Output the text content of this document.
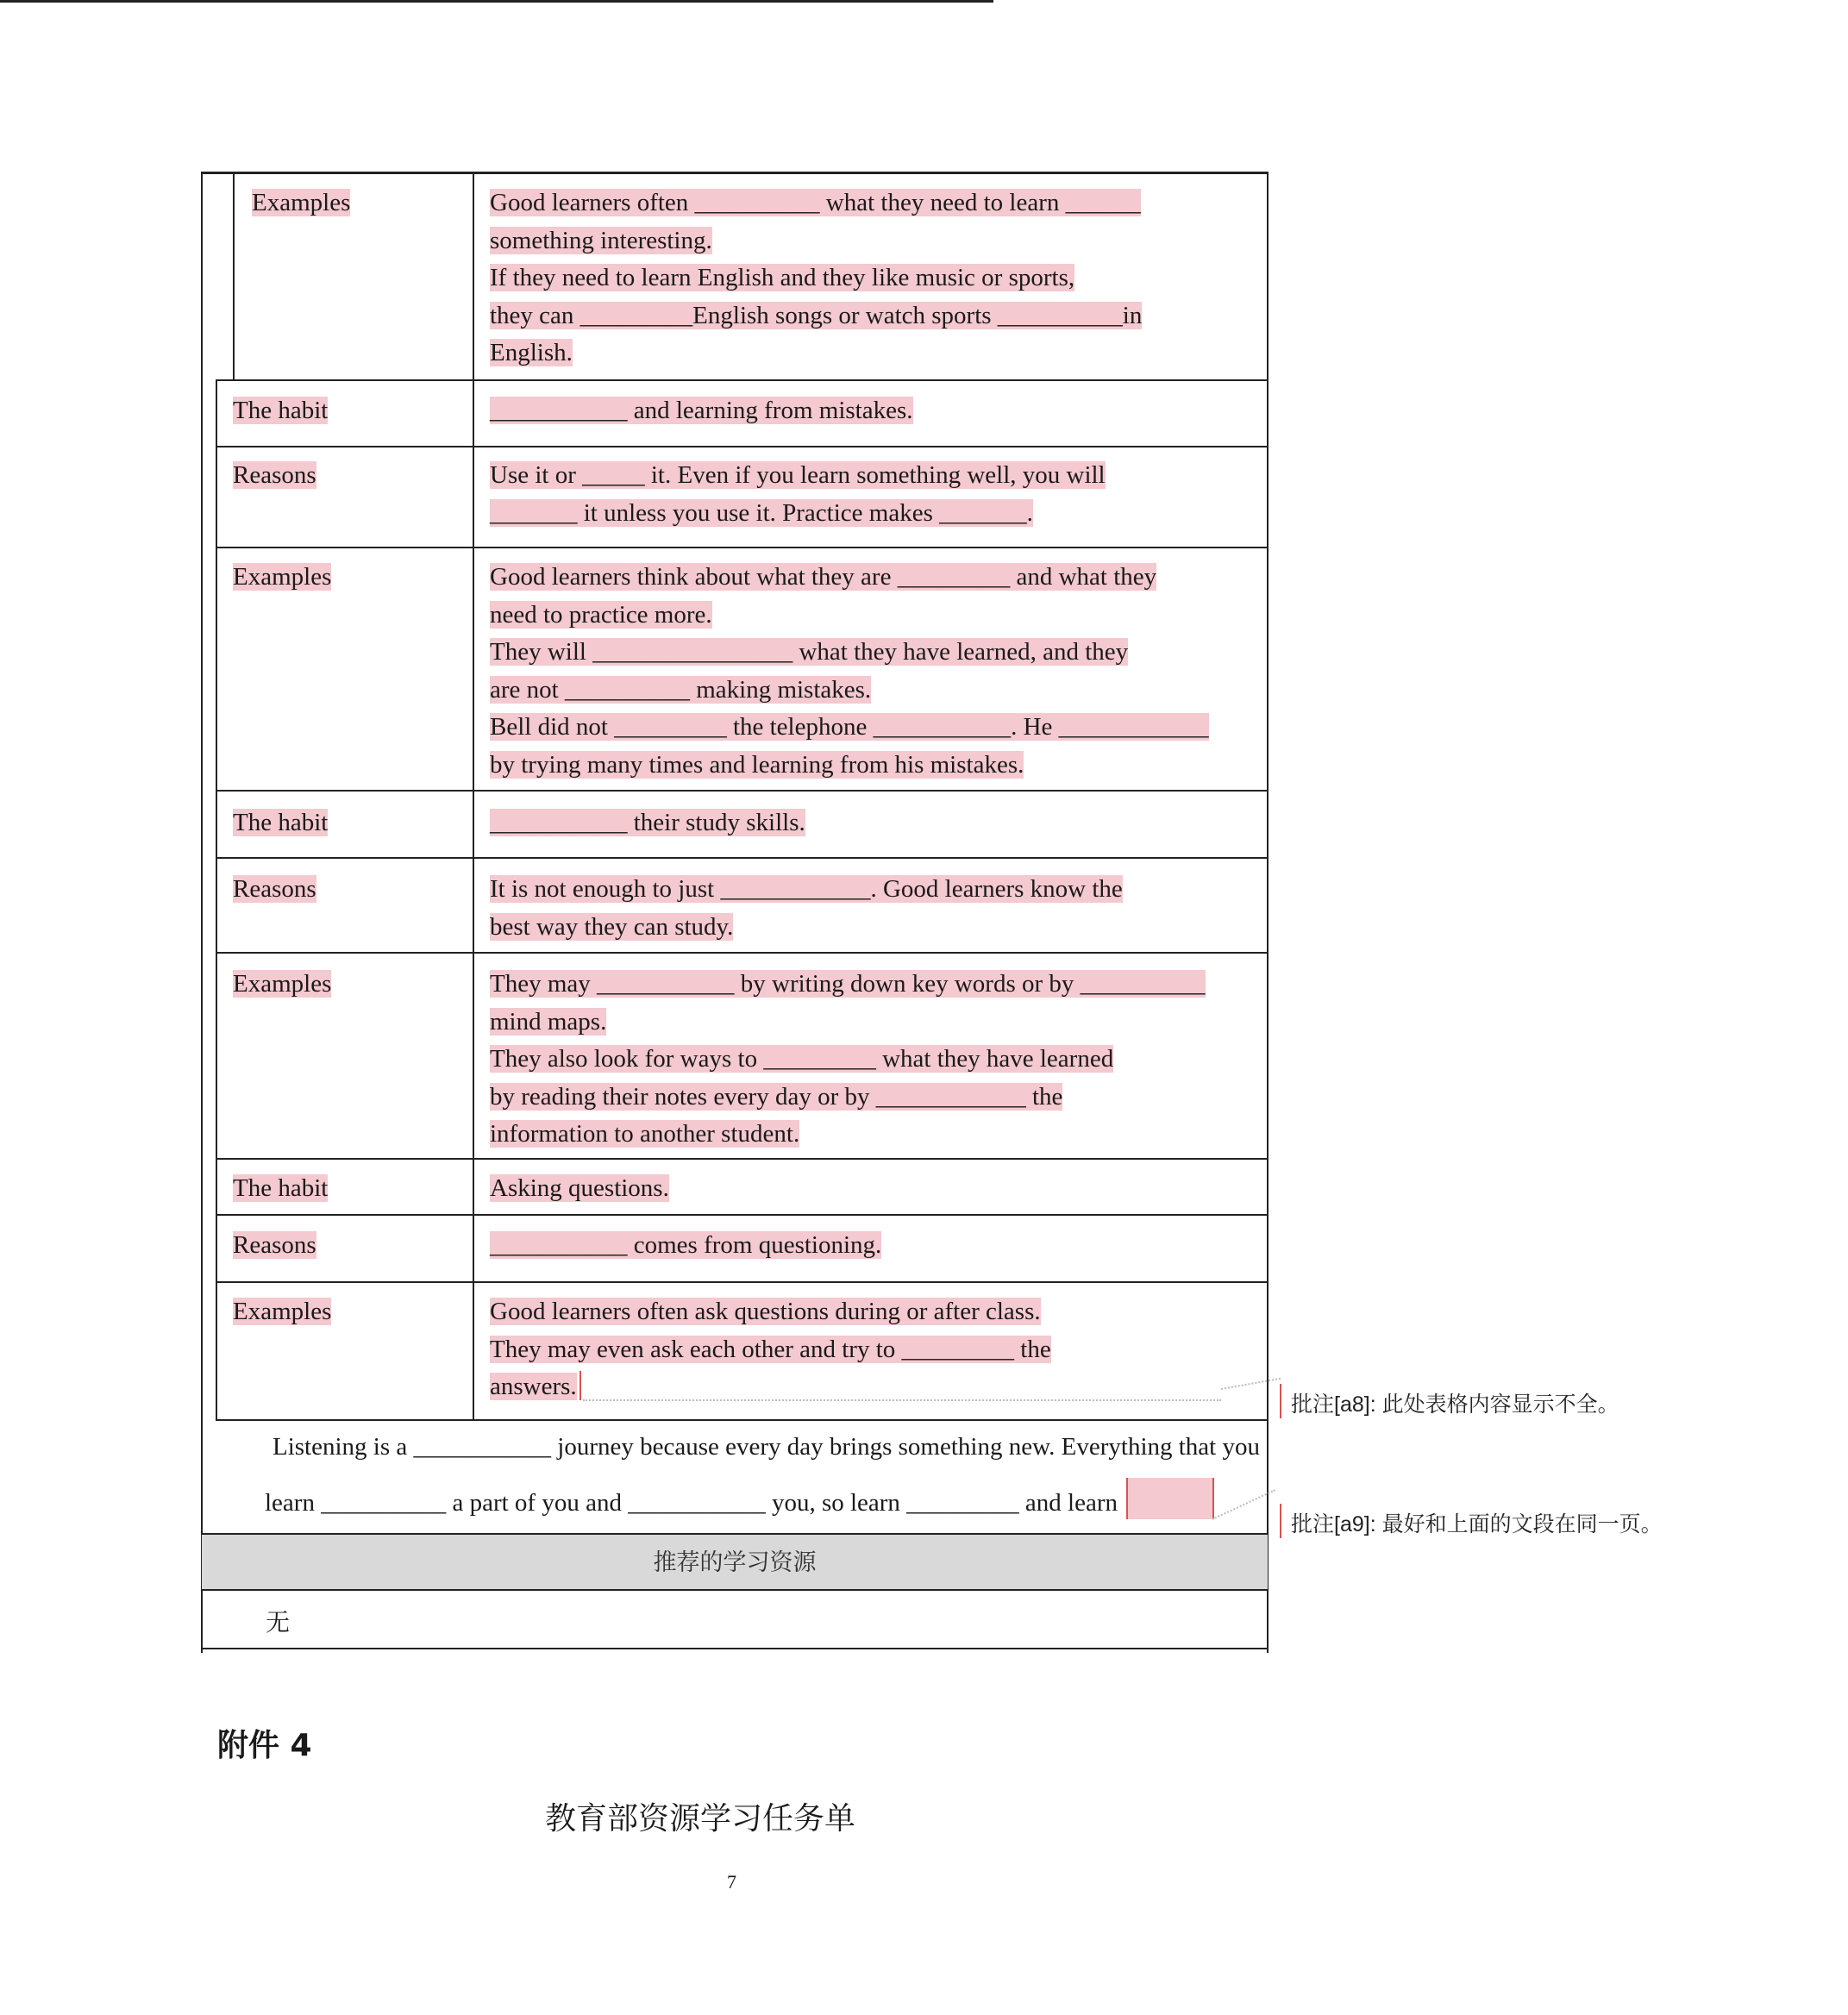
Examples	Good learners often __________ what they need to learn ______
something interesting.
If they need to learn English and they like music or sports,
they can _________English songs or watch sports __________in
English.
The habit	___________ and learning from mistakes.
Reasons	Use it or _____ it. Even if you learn something well, you will
_______ it unless you use it. Practice makes _______.
Examples	Good learners think about what they are _________ and what they
need to practice more.
They will ________________ what they have learned, and they
are not __________ making mistakes.
Bell did not _________ the telephone ___________. He ____________
by trying many times and learning from his mistakes.
The habit	___________ their study skills.
Reasons	It is not enough to just ____________. Good learners know the
best way they can study.
Examples	They may ___________ by writing down key words or by __________
mind maps.
They also look for ways to _________ what they have learned
by reading their notes every day or by ____________ the
information to another student.
The habit	Asking questions.
Reasons	___________ comes from questioning.
Examples	Good learners often ask questions during or after class.
They may even ask each other and try to _________ the
answers.
Listening is a ___________ journey because every day brings something new. Everything that you
learn __________ a part of you and ___________ you, so learn _________ and learn
推荐的学习资源
无
附件 4
教育部资源学习任务单
7
批注[a8]: 此处表格内容显示不全。
批注[a9]: 最好和上面的文段在同一页。
